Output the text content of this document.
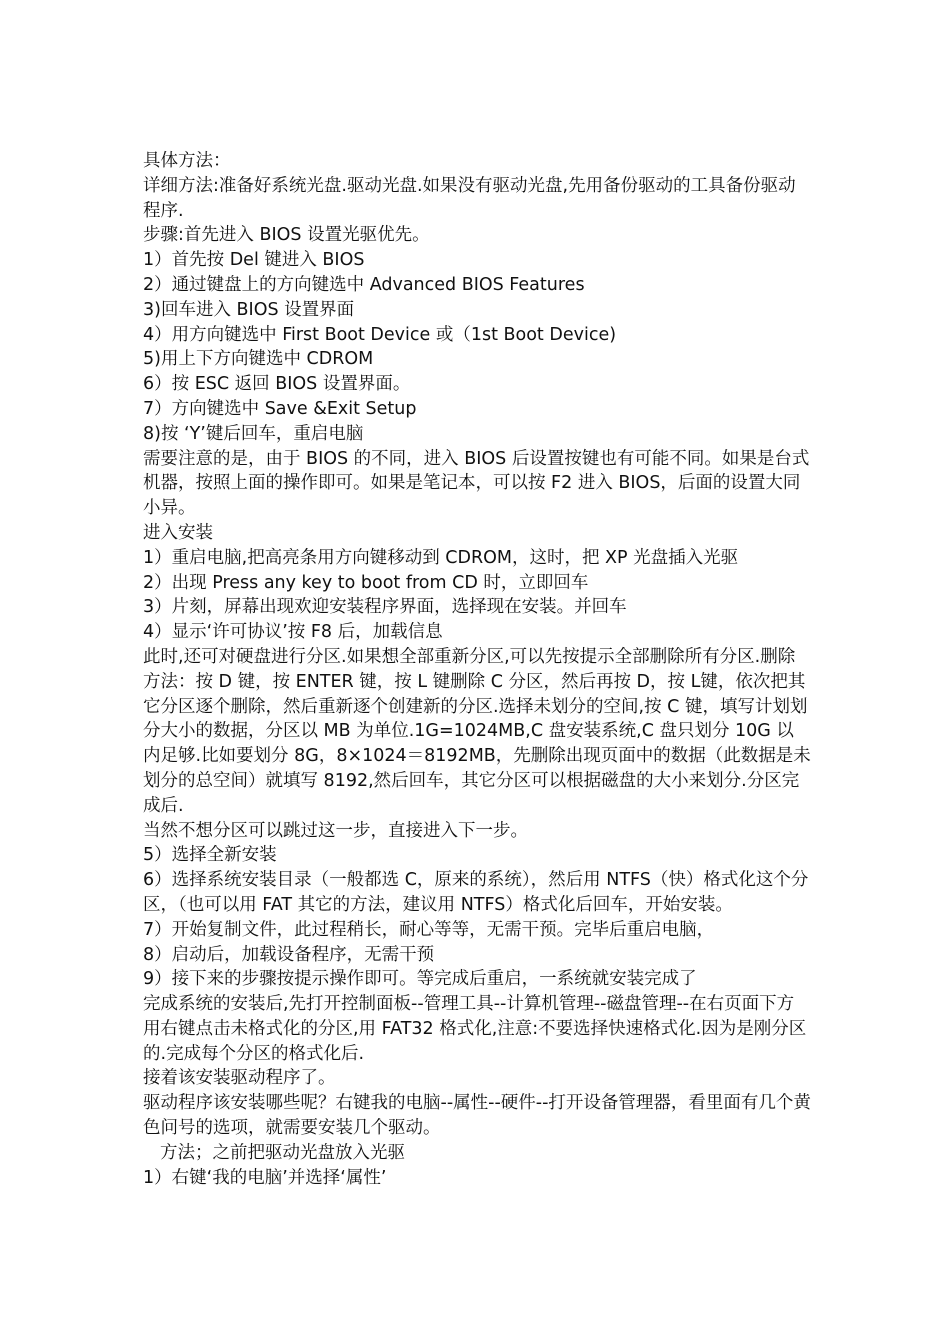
具体方法：

详细方法:准备好系统光盘.驱动光盘.如果没有驱动光盘,先用备份驱动的工具备份驱动程序.

步骤:首先进入 BIOS 设置光驱优先。

1）首先按 Del 键进入 BIOS

2）通过键盘上的方向键选中 Advanced BIOS Features

3)回车进入 BIOS 设置界面

4）用方向键选中 First Boot Device 或（1st Boot Device)

5)用上下方向键选中 CDROM

6）按 ESC 返回 BIOS 设置界面。

7）方向键选中 Save &Exit Setup

8)按 ‘Y’键后回车，重启电脑

需要注意的是，由于 BIOS 的不同，进入 BIOS 后设置按键也有可能不同。如果是台式机器，按照上面的操作即可。如果是笔记本，可以按 F2 进入 BIOS，后面的设置大同小异。

进入安装

1）重启电脑,把高亮条用方向键移动到 CDROM，这时，把 XP 光盘插入光驱

2）出现 Press any key to boot from CD 时，立即回车

3）片刻，屏幕出现欢迎安装程序界面，选择现在安装。并回车

4）显示‘许可协议’按 F8 后，加载信息

此时,还可对硬盘进行分区.如果想全部重新分区,可以先按提示全部删除所有分区.删除方法：按 D 键，按 ENTER 键，按 L 键删除 C 分区，然后再按 D，按 L键，依次把其它分区逐个删除，然后重新逐个创建新的分区.选择未划分的空间,按 C 键，填写计划划分大小的数据，分区以 MB 为单位.1G=1024MB,C 盘安装系统,C 盘只划分 10G 以内足够.比如要划分 8G，8×1024＝8192MB，先删除出现页面中的数据（此数据是未划分的总空间）就填写 8192,然后回车，其它分区可以根据磁盘的大小来划分.分区完成后.

当然不想分区可以跳过这一步，直接进入下一步。

5）选择全新安装

6）选择系统安装目录（一般都选 C，原来的系统），然后用 NTFS（快）格式化这个分区，（也可以用 FAT 其它的方法，建议用 NTFS）格式化后回车，开始安装。

7）开始复制文件，此过程稍长，耐心等等，无需干预。完毕后重启电脑，

8）启动后，加载设备程序，无需干预

9）接下来的步骤按提示操作即可。等完成后重启，一系统就安装完成了

完成系统的安装后,先打开控制面板--管理工具--计算机管理--磁盘管理--在右页面下方用右键点击未格式化的分区,用 FAT32 格式化,注意:不要选择快速格式化.因为是刚分区的.完成每个分区的格式化后.

接着该安装驱动程序了。

驱动程序该安装哪些呢？右键我的电脑--属性--硬件--打开设备管理器，看里面有几个黄色问号的选项，就需要安装几个驱动。

方法；之前把驱动光盘放入光驱

1）右键‘我的电脑’并选择‘属性’
